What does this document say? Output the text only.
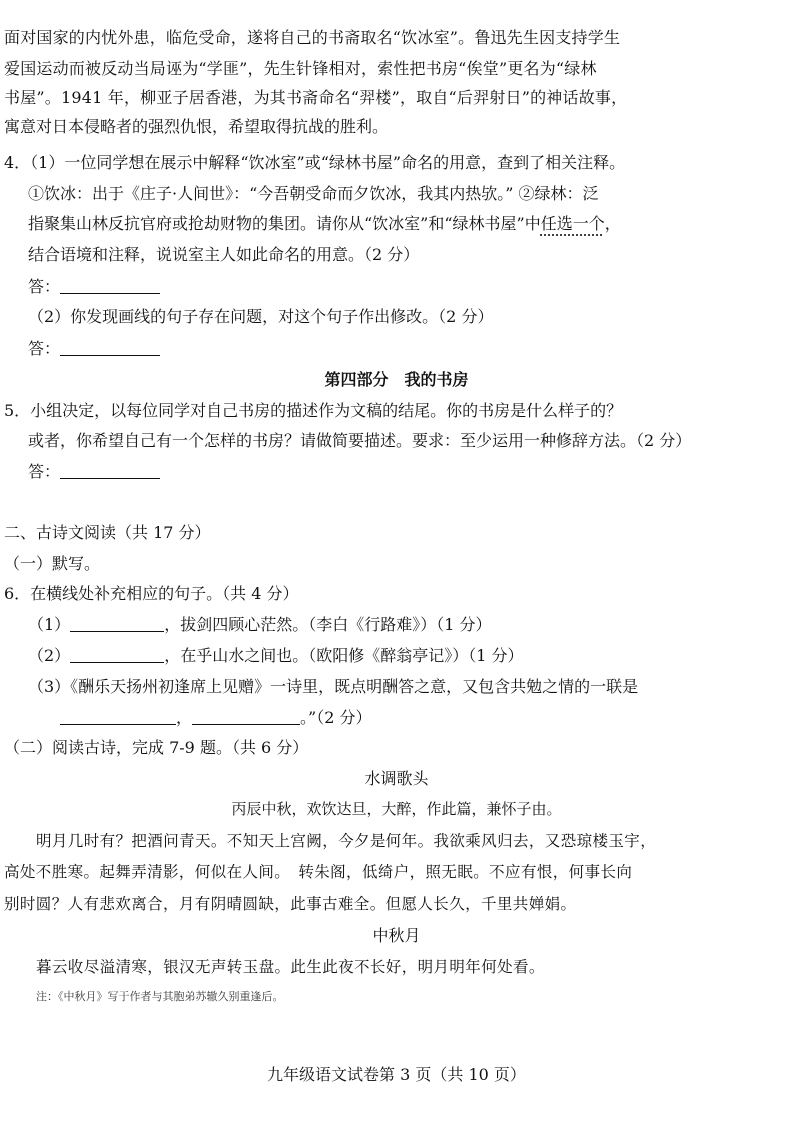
面对国家的内忧外患，临危受命，遂将自己的书斋取名“饮冰室”。鲁迅先生因支持学生
爱国运动而被反动当局诬为“学匪”，先生针锋相对，索性把书房“俟堂”更名为“绿林
书屋”。1941 年，柳亚子居香港，为其书斋命名“羿楼”，取自“后羿射日”的神话故事，
寓意对日本侵略者的强烈仇恨，希望取得抗战的胜利。
4．（1）一位同学想在展示中解释“饮冰室”或“绿林书屋”命名的用意，查到了相关注释。
①饮冰：出于《庄子·人间世》：“今吾朝受命而夕饮冰，我其内热欤。” ②绿林：泛
指聚集山林反抗官府或抢劫财物的集团。请你从“饮冰室”和“绿林书屋”中任选一个，
结合语境和注释，说说室主人如此命名的用意。（2 分）
答：
（2）你发现画线的句子存在问题，对这个句子作出修改。（2 分）
答：
第四部分　我的书房
5．小组决定，以每位同学对自己书房的描述作为文稿的结尾。你的书房是什么样子的？
或者，你希望自己有一个怎样的书房？请做简要描述。要求：至少运用一种修辞方法。（2 分）
答：
二、古诗文阅读（共 17 分）
（一）默写。
6．在横线处补充相应的句子。（共 4 分）
（1）	，拔剑四顾心茫然。（李白《行路难》）（1 分）
（2）	，在乎山水之间也。（欧阳修《醉翁亭记》）（1 分）
（3）《酬乐天扬州初逢席上见赠》一诗里，既点明酬答之意，又包含共勉之情的一联是
，	。”（2 分）
（二）阅读古诗，完成 7-9 题。（共 6 分）
水调歌头
丙辰中秋，欢饮达旦，大醉，作此篇，兼怀子由。
明月几时有？把酒问青天。不知天上宫阙，今夕是何年。我欲乘风归去，又恐琼楼玉宇，
高处不胜寒。起舞弄清影，何似在人间。　转朱阁，低绮户，照无眠。不应有恨，何事长向
别时圆？人有悲欢离合，月有阴晴圆缺，此事古难全。但愿人长久，千里共婵娟。
中秋月
暮云收尽溢清寒，银汉无声转玉盘。此生此夜不长好，明月明年何处看。
注：《中秋月》写于作者与其胞弟苏辙久别重逢后。
九年级语文试卷第 3 页（共 10 页）
